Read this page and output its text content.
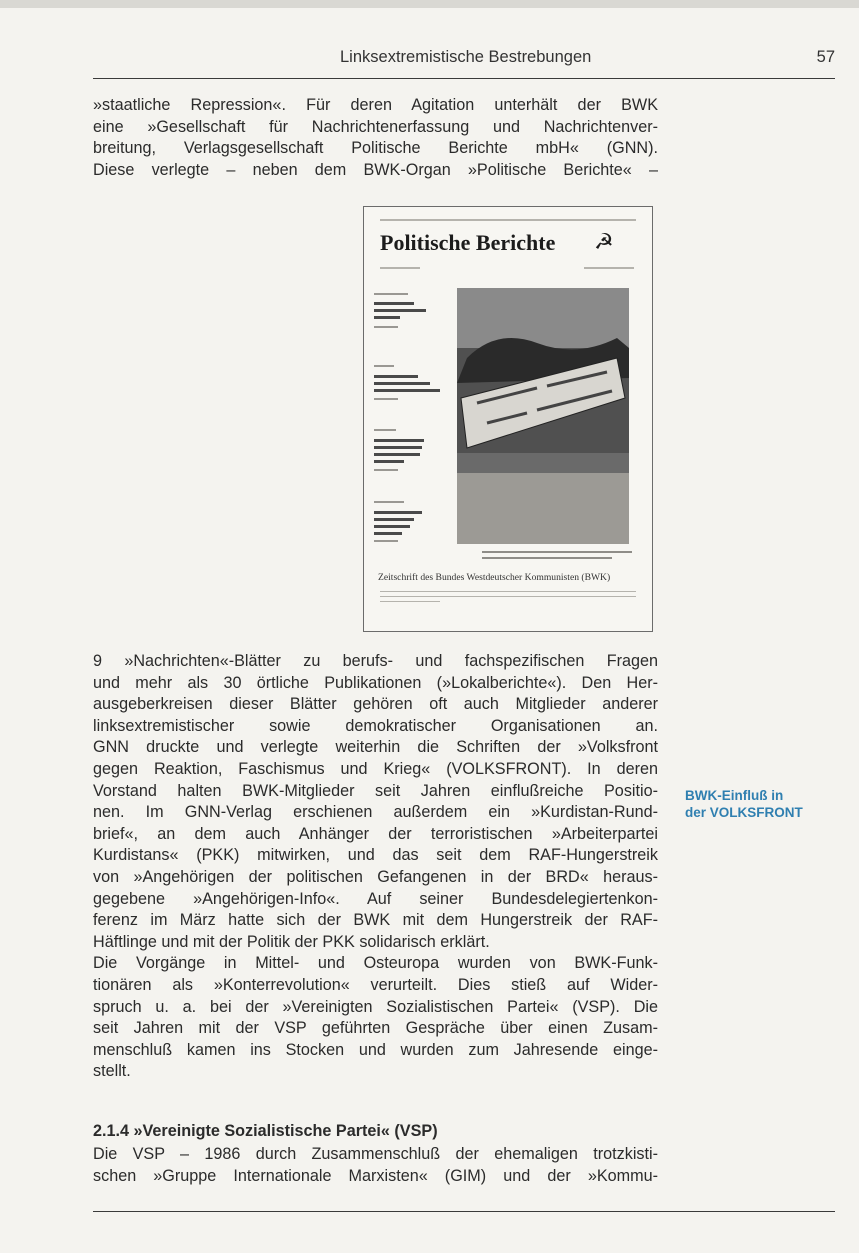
Linksextremistische Bestrebungen	57
»staatliche Repression«. Für deren Agitation unterhält der BWK
eine »Gesellschaft für Nachrichtenerfassung und Nachrichtenver-
breitung, Verlagsgesellschaft Politische Berichte mbH« (GNN).
Diese verlegte – neben dem BWK-Organ »Politische Berichte« –
Politische Berichte ☭
Zeitschrift des Bundes Westdeutscher Kommunisten (BWK)
9 »Nachrichten«-Blätter zu berufs- und fachspezifischen Fragen
und mehr als 30 örtliche Publikationen (»Lokalberichte«). Den Her-
ausgeberkreisen dieser Blätter gehören oft auch Mitglieder anderer
linksextremistischer sowie demokratischer Organisationen an.
GNN druckte und verlegte weiterhin die Schriften der »Volksfront
gegen Reaktion, Faschismus und Krieg« (VOLKSFRONT). In deren
Vorstand halten BWK-Mitglieder seit Jahren einflußreiche Positio-
nen. Im GNN-Verlag erschienen außerdem ein »Kurdistan-Rund-
brief«, an dem auch Anhänger der terroristischen »Arbeiterpartei
Kurdistans« (PKK) mitwirken, und das seit dem RAF-Hungerstreik
von »Angehörigen der politischen Gefangenen in der BRD« heraus-
gegebene »Angehörigen-Info«. Auf seiner Bundesdelegiertenkon-
ferenz im März hatte sich der BWK mit dem Hungerstreik der RAF-
Häftlinge und mit der Politik der PKK solidarisch erklärt.
Die Vorgänge in Mittel- und Osteuropa wurden von BWK-Funk-
tionären als »Konterrevolution« verurteilt. Dies stieß auf Wider-
spruch u. a. bei der »Vereinigten Sozialistischen Partei« (VSP). Die
seit Jahren mit der VSP geführten Gespräche über einen Zusam-
menschluß kamen ins Stocken und wurden zum Jahresende einge-
stellt.
BWK-Einfluß in
der VOLKSFRONT
2.1.4 »Vereinigte Sozialistische Partei« (VSP)
Die VSP – 1986 durch Zusammenschluß der ehemaligen trotzkisti-
schen »Gruppe Internationale Marxisten« (GIM) und der »Kommu-
